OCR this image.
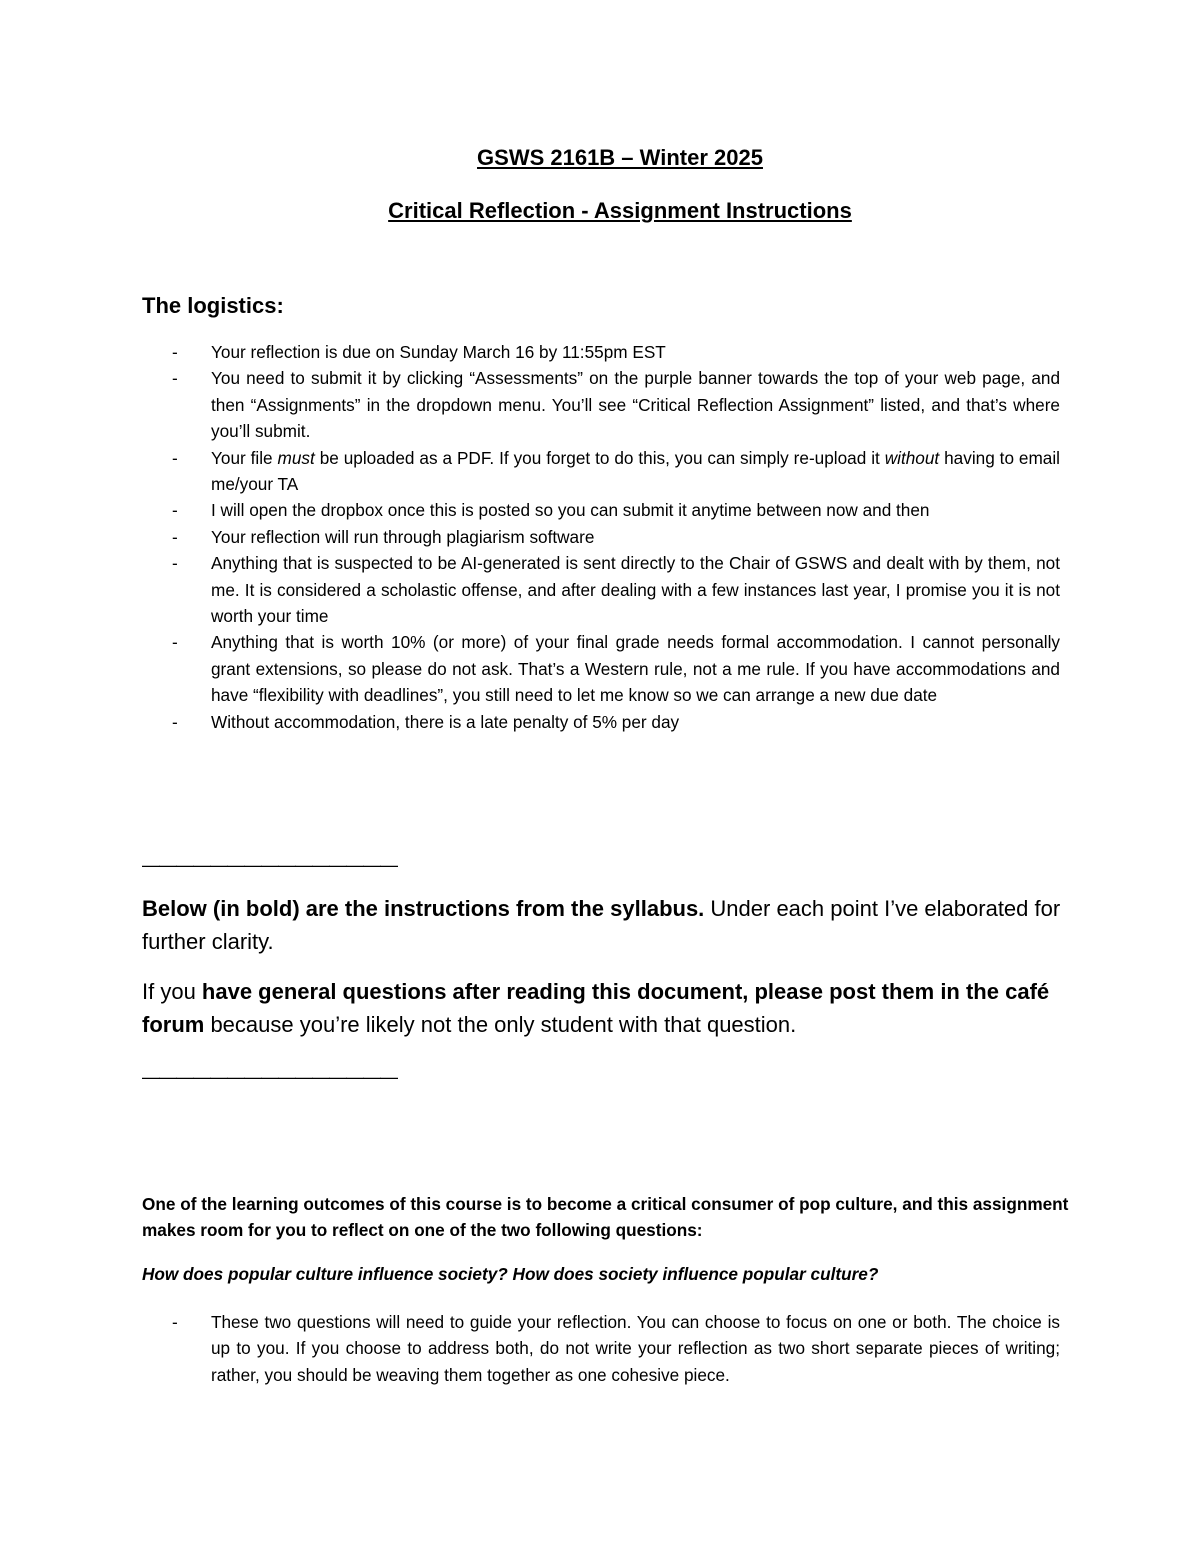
GSWS 2161B – Winter 2025
Critical Reflection - Assignment Instructions
The logistics:
- Your reflection is due on Sunday March 16 by 11:55pm EST
- You need to submit it by clicking “Assessments” on the purple banner towards the top of your web page, and then “Assignments” in the dropdown menu. You’ll see “Critical Reflection Assignment” listed, and that’s where you’ll submit.
- Your file must be uploaded as a PDF. If you forget to do this, you can simply re-upload it without having to email me/your TA
- I will open the dropbox once this is posted so you can submit it anytime between now and then
- Your reflection will run through plagiarism software
- Anything that is suspected to be AI-generated is sent directly to the Chair of GSWS and dealt with by them, not me. It is considered a scholastic offense, and after dealing with a few instances last year, I promise you it is not worth your time
- Anything that is worth 10% (or more) of your final grade needs formal accommodation. I cannot personally grant extensions, so please do not ask. That’s a Western rule, not a me rule. If you have accommodations and have “flexibility with deadlines”, you still need to let me know so we can arrange a new due date
- Without accommodation, there is a late penalty of 5% per day
———————————————

Below (in bold) are the instructions from the syllabus. Under each point I’ve elaborated for further clarity.

If you have general questions after reading this document, please post them in the café forum because you’re likely not the only student with that question.

———————————————

One of the learning outcomes of this course is to become a critical consumer of pop culture, and this assignment makes room for you to reflect on one of the two following questions:

How does popular culture influence society? How does society influence popular culture?
- These two questions will need to guide your reflection. You can choose to focus on one or both. The choice is up to you. If you choose to address both, do not write your reflection as two short separate pieces of writing; rather, you should be weaving them together as one cohesive piece.
